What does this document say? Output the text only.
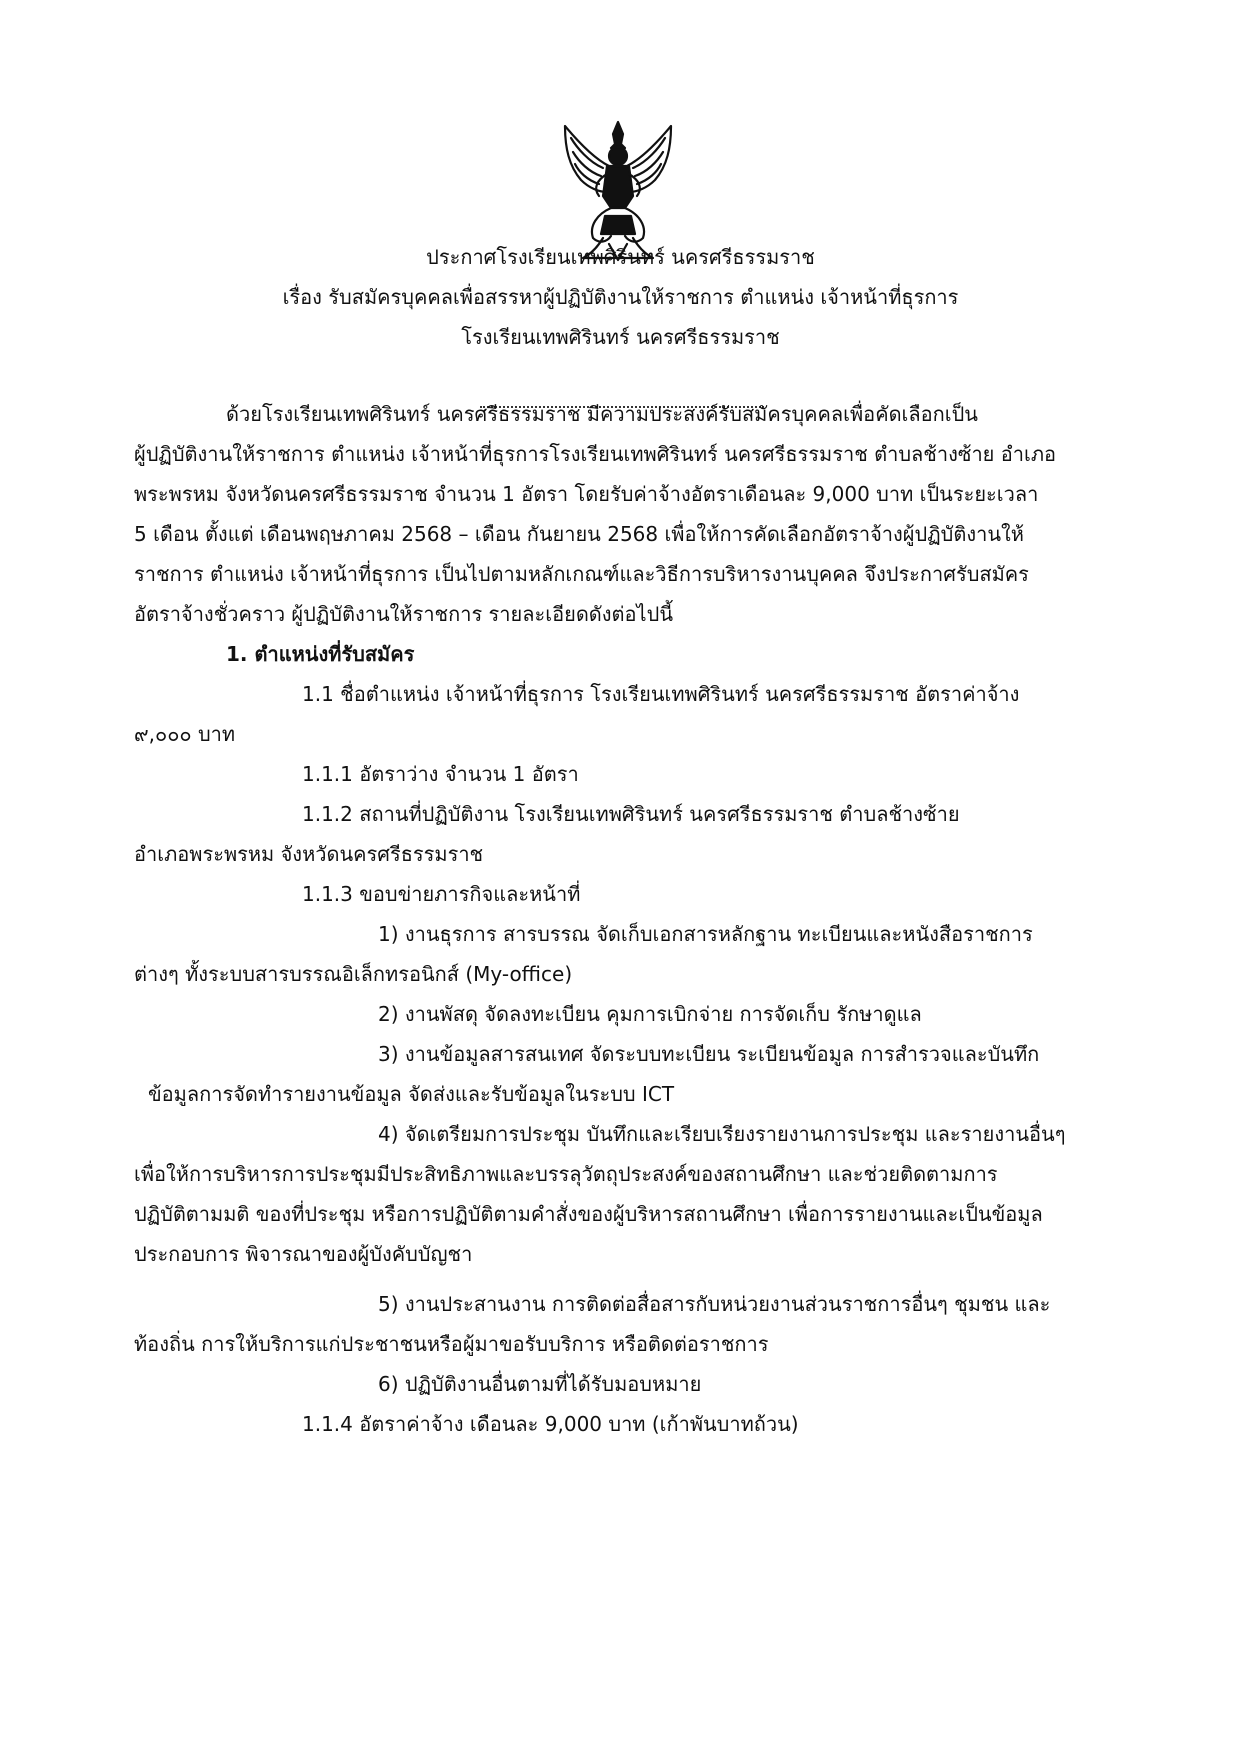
ประกาศโรงเรียนเทพศิรินทร์ นครศรีธรรมราช
เรื่อง รับสมัครบุคคลเพื่อสรรหาผู้ปฏิบัติงานให้ราชการ ตำแหน่ง เจ้าหน้าที่ธุรการ
โรงเรียนเทพศิรินทร์ นครศรีธรรมราช
ด้วยโรงเรียนเทพศิรินทร์ นครศรีธรรมราช มีความประสงค์รับสมัครบุคคลเพื่อคัดเลือกเป็น
ผู้ปฏิบัติงานให้ราชการ ตำแหน่ง เจ้าหน้าที่ธุรการโรงเรียนเทพศิรินทร์ นครศรีธรรมราช ตำบลช้างซ้าย อำเภอ
พระพรหม จังหวัดนครศรีธรรมราช จำนวน 1 อัตรา โดยรับค่าจ้างอัตราเดือนละ 9,000 บาท เป็นระยะเวลา
5 เดือน ตั้งแต่ เดือนพฤษภาคม 2568 – เดือน กันยายน 2568 เพื่อให้การคัดเลือกอัตราจ้างผู้ปฏิบัติงานให้
ราชการ ตำแหน่ง เจ้าหน้าที่ธุรการ เป็นไปตามหลักเกณฑ์และวิธีการบริหารงานบุคคล จึงประกาศรับสมัคร
อัตราจ้างชั่วคราว ผู้ปฏิบัติงานให้ราชการ รายละเอียดดังต่อไปนี้
1. ตำแหน่งที่รับสมัคร
1.1 ชื่อตำแหน่ง เจ้าหน้าที่ธุรการ โรงเรียนเทพศิรินทร์ นครศรีธรรมราช อัตราค่าจ้าง
๙,๐๐๐ บาท
1.1.1 อัตราว่าง จำนวน 1 อัตรา
1.1.2 สถานที่ปฏิบัติงาน โรงเรียนเทพศิรินทร์ นครศรีธรรมราช ตำบลช้างซ้าย
อำเภอพระพรหม จังหวัดนครศรีธรรมราช
1.1.3 ขอบข่ายภารกิจและหน้าที่
1) งานธุรการ สารบรรณ จัดเก็บเอกสารหลักฐาน ทะเบียนและหนังสือราชการ
ต่างๆ ทั้งระบบสารบรรณอิเล็กทรอนิกส์ (My-office)
2) งานพัสดุ จัดลงทะเบียน คุมการเบิกจ่าย การจัดเก็บ รักษาดูแล
3) งานข้อมูลสารสนเทศ จัดระบบทะเบียน ระเบียนข้อมูล การสำรวจและบันทึก
ข้อมูลการจัดทำรายงานข้อมูล จัดส่งและรับข้อมูลในระบบ ICT
4) จัดเตรียมการประชุม บันทึกและเรียบเรียงรายงานการประชุม และรายงานอื่นๆ
เพื่อให้การบริหารการประชุมมีประสิทธิภาพและบรรลุวัตถุประสงค์ของสถานศึกษา และช่วยติดตามการ
ปฏิบัติตามมติ ของที่ประชุม หรือการปฏิบัติตามคำสั่งของผู้บริหารสถานศึกษา เพื่อการรายงานและเป็นข้อมูล
ประกอบการ พิจารณาของผู้บังคับบัญชา
5) งานประสานงาน การติดต่อสื่อสารกับหน่วยงานส่วนราชการอื่นๆ ชุมชน และ
ท้องถิ่น การให้บริการแก่ประชาชนหรือผู้มาขอรับบริการ หรือติดต่อราชการ
6) ปฏิบัติงานอื่นตามที่ได้รับมอบหมาย
1.1.4 อัตราค่าจ้าง เดือนละ 9,000 บาท (เก้าพันบาทถ้วน)
